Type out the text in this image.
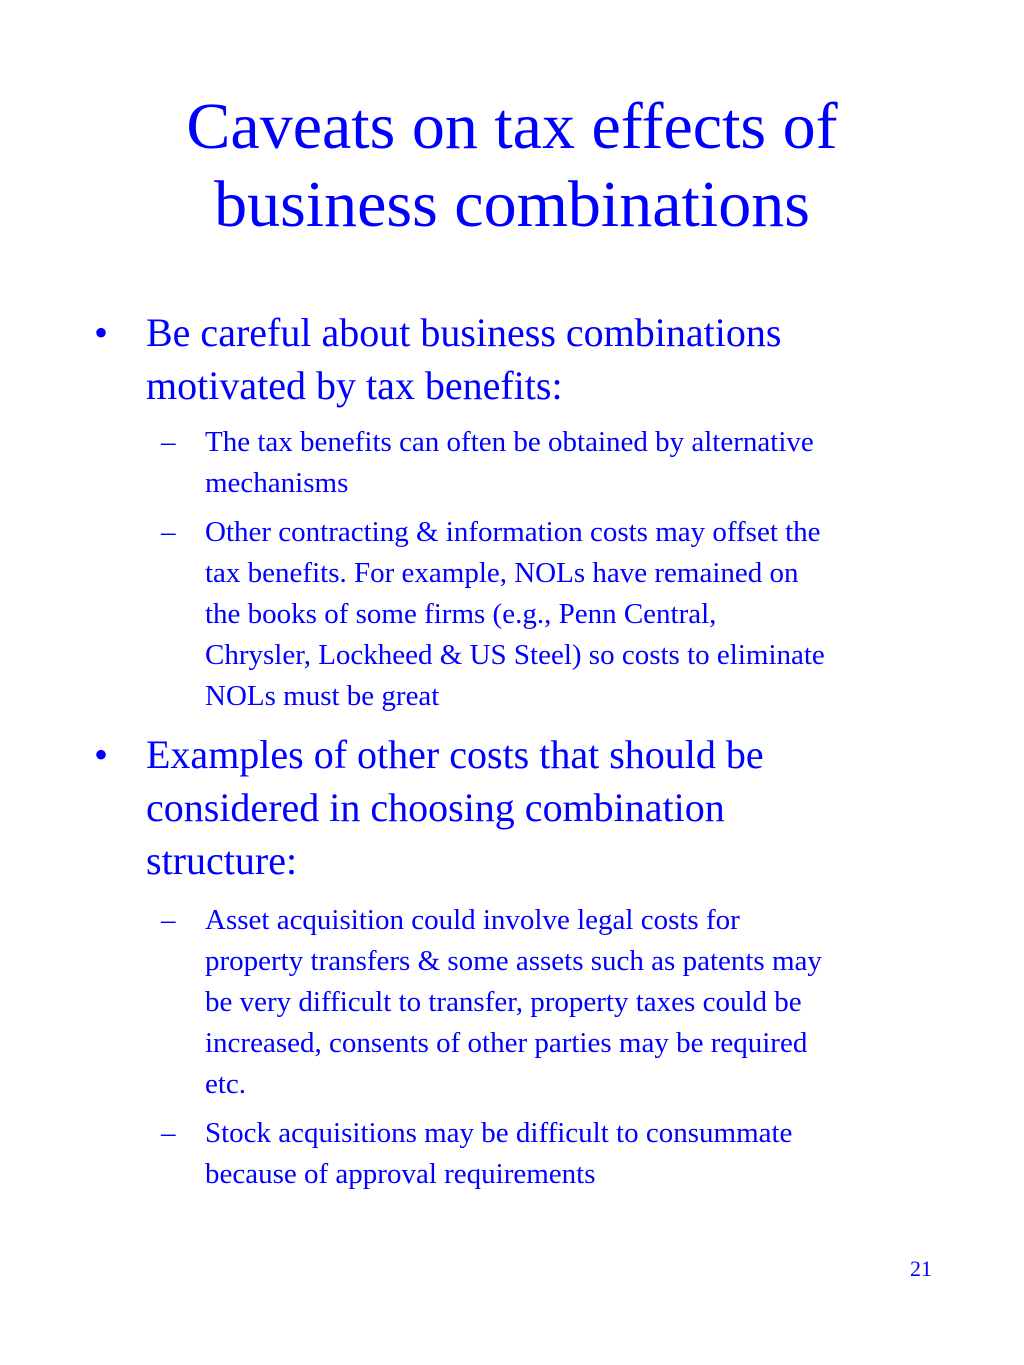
Caveats on tax effects of
business combinations
• Be careful about business combinations
motivated by tax benefits:
– The tax benefits can often be obtained by alternative
mechanisms
– Other contracting & information costs may offset the
tax benefits. For example, NOLs have remained on
the books of some firms (e.g., Penn Central,
Chrysler, Lockheed & US Steel) so costs to eliminate
NOLs must be great
• Examples of other costs that should be
considered in choosing combination
structure:
– Asset acquisition could involve legal costs for
property transfers & some assets such as patents may
be very difficult to transfer, property taxes could be
increased, consents of other parties may be required
etc.
– Stock acquisitions may be difficult to consummate
because of approval requirements
21
